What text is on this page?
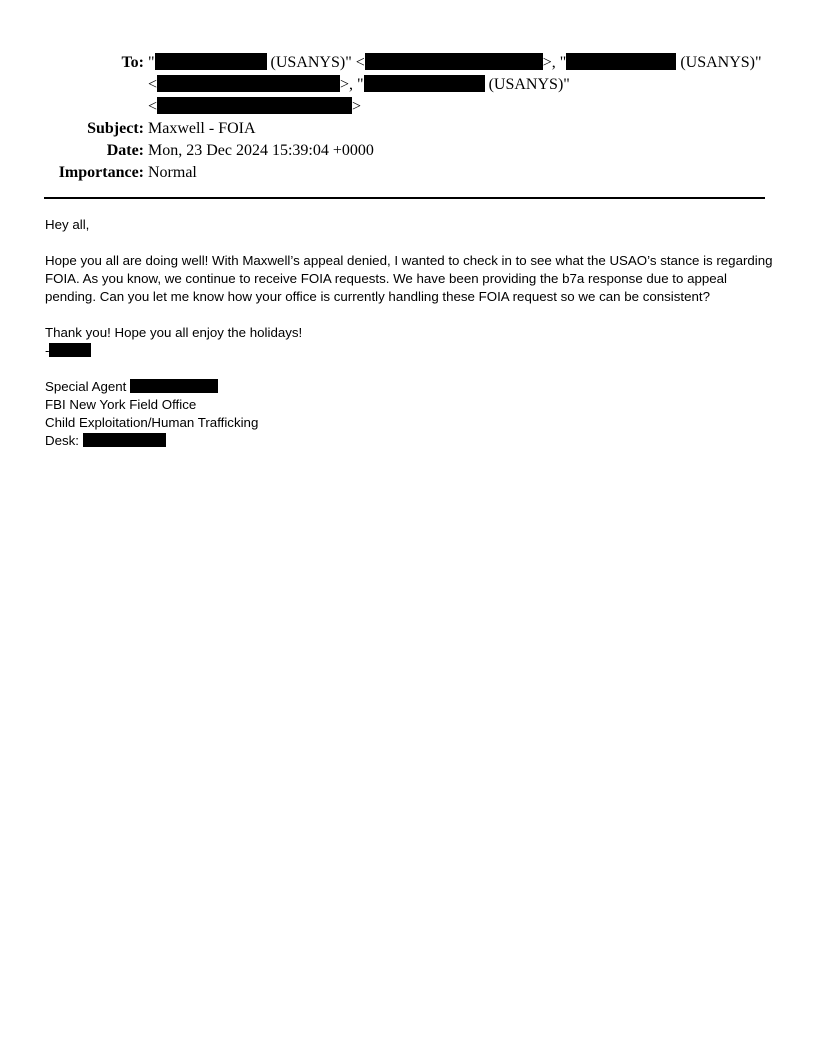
To: "	(USANYS)" <	>, "	(USANYS)"
<	>, "	(USANYS)"
<	>
Subject: Maxwell - FOIA
Date: Mon, 23 Dec 2024 15:39:04 +0000
Importance: Normal

Hey all,

Hope you all are doing well! With Maxwell’s appeal denied, I wanted to check in to see what the USAO’s stance is regarding FOIA. As you know, we continue to receive FOIA requests. We have been providing the b7a response due to appeal pending. Can you let me know how your office is currently handling these FOIA request so we can be consistent?

Thank you! Hope you all enjoy the holidays!

-

Special Agent

FBI New York Field Office

Child Exploitation/Human Trafficking

Desk:
